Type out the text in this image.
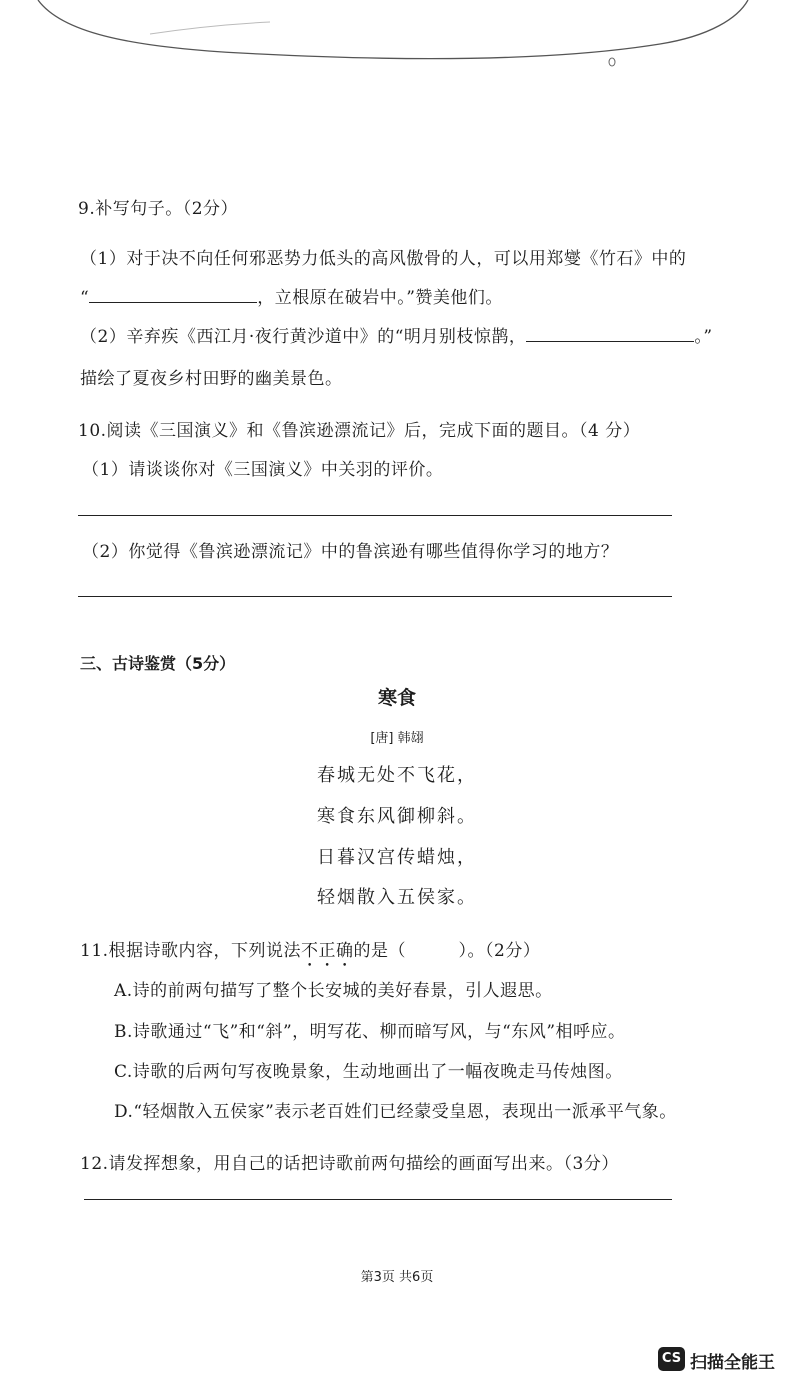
9.补写句子。（2分）
（1）对于决不向任何邪恶势力低头的高风傲骨的人，可以用郑燮《竹石》中的
“	，立根原在破岩中。”赞美他们。
（2）辛弃疾《西江月·夜行黄沙道中》的“明月别枝惊鹊，	。”
描绘了夏夜乡村田野的幽美景色。
10.阅读《三国演义》和《鲁滨逊漂流记》后，完成下面的题目。（4 分）
（1）请谈谈你对《三国演义》中关羽的评价。
（2）你觉得《鲁滨逊漂流记》中的鲁滨逊有哪些值得你学习的地方？
三、古诗鉴赏（5分）
寒食
[唐] 韩翃
春城无处不飞花，
寒食东风御柳斜。
日暮汉宫传蜡烛，
轻烟散入五侯家。
11.根据诗歌内容，下列说法不正确的是（　　　）。（2分）
A.诗的前两句描写了整个长安城的美好春景，引人遐思。
B.诗歌通过“飞”和“斜”，明写花、柳而暗写风，与“东风”相呼应。
C.诗歌的后两句写夜晚景象，生动地画出了一幅夜晚走马传烛图。
D.“轻烟散入五侯家”表示老百姓们已经蒙受皇恩，表现出一派承平气象。
12.请发挥想象，用自己的话把诗歌前两句描绘的画面写出来。（3分）
第3页 共6页
CS 扫描全能王
